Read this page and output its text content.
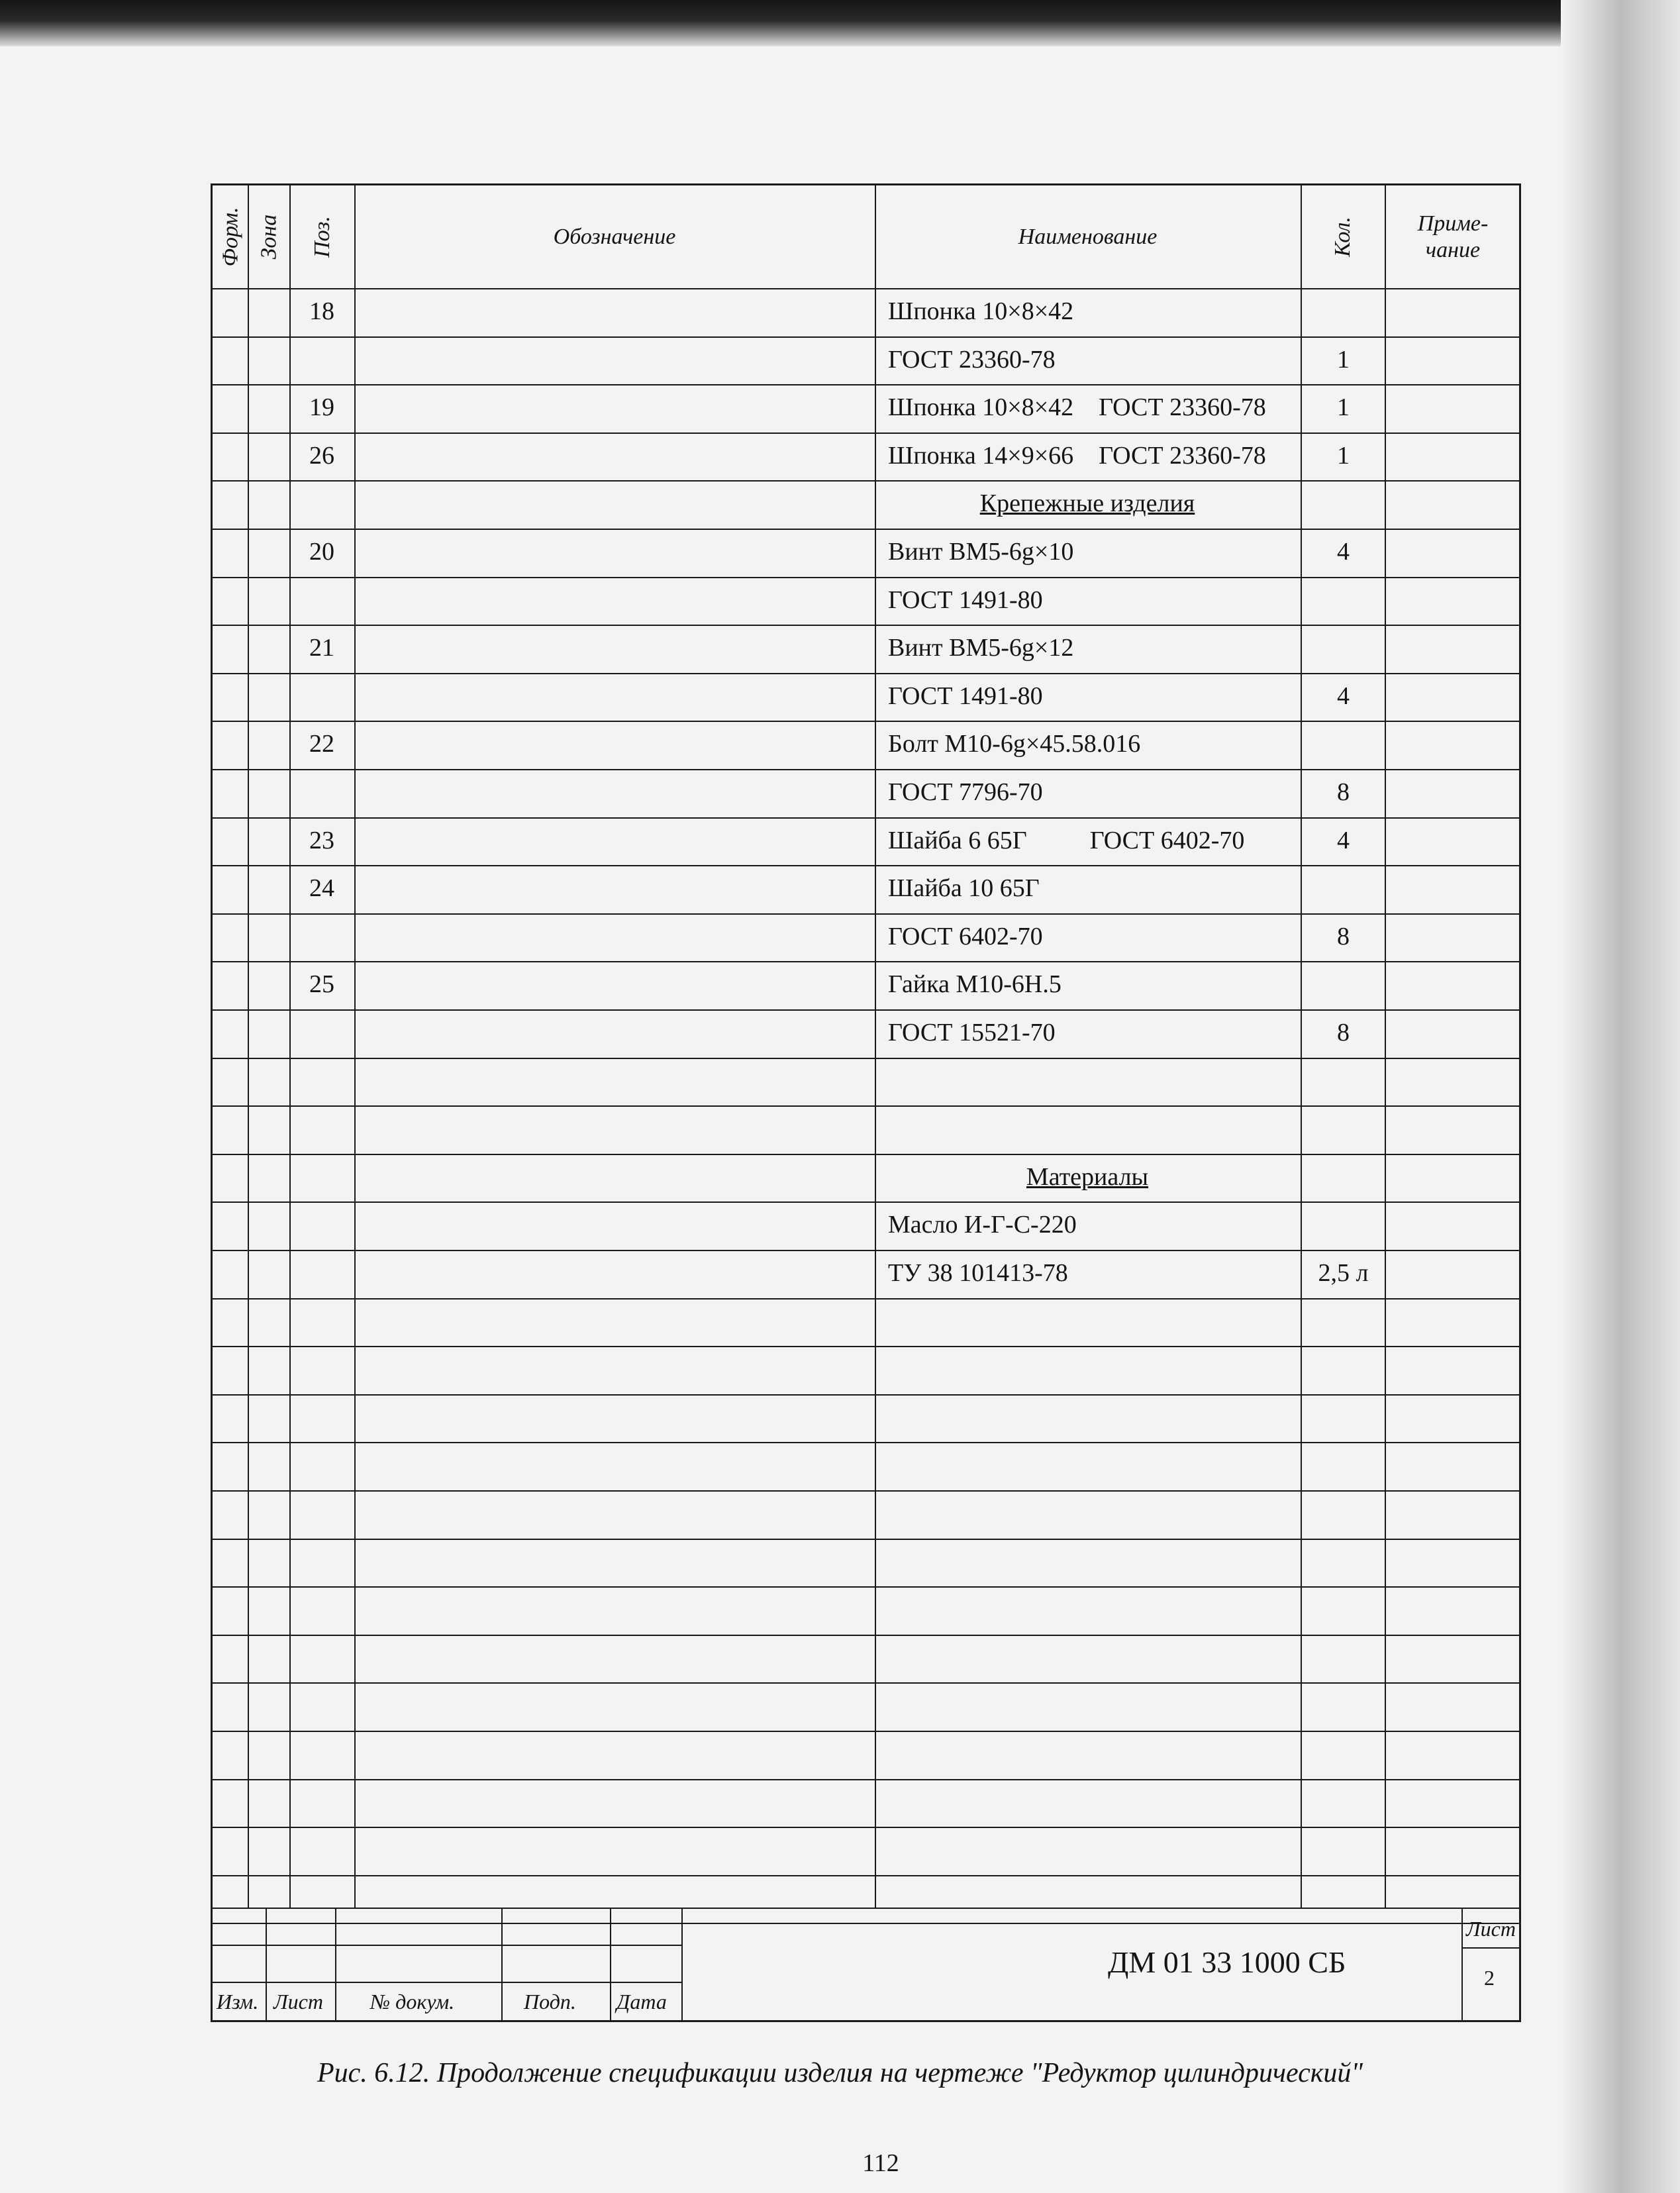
Форм. Зона Поз.	Обозначение	Наименование	Кол.	Приме-
чание
18	Шпонка 10×8×42
ГОСТ 23360-78	1
19	Шпонка 10×8×42    ГОСТ 23360-78	1
26	Шпонка 14×9×66    ГОСТ 23360-78	1
Крепежные изделия
20	Винт ВМ5-6g×10	4
ГОСТ 1491-80
21	Винт ВМ5-6g×12
ГОСТ 1491-80	4
22	Болт М10-6g×45.58.016
ГОСТ 7796-70	8
23	Шайба 6 65Г          ГОСТ 6402-70	4
24	Шайба 10 65Г
ГОСТ 6402-70	8
25	Гайка М10-6Н.5
ГОСТ 15521-70	8
Материалы
Масло И-Г-С-220
ТУ 38 101413-78	2,5 л
Изм. Лист № докум.	Подп. Дата
ДМ 01 33 1000 СБ
Лист
2
Рис. 6.12. Продолжение спецификации изделия на чертеже "Редуктор цилиндрический"
112
